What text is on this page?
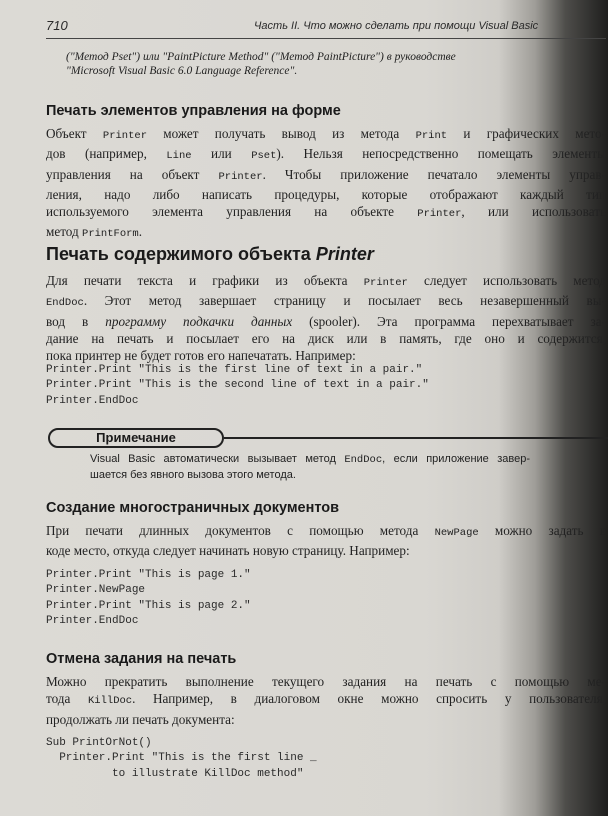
710	Часть II. Что можно сделать при помощи Visual Basic
("Метод Pset") или "PaintPicture Method" ("Метод PaintPicture") в руководстве
"Microsoft Visual Basic 6.0 Language Reference".
Печать элементов управления на форме
Объект Printer может получать вывод из метода Print и графических мето-
дов (например, Line или Pset). Нельзя непосредственно помещать элементы
управления на объект Printer. Чтобы приложение печатало элементы управ-
ления, надо либо написать процедуры, которые отображают каждый тип
используемого элемента управления на объекте Printer, или использовать
метод PrintForm.
Печать содержимого объекта Printer
Для печати текста и графики из объекта Printer следует использовать метод
EndDoc. Этот метод завершает страницу и посылает весь незавершенный вы-
вод в программу подкачки данных (spooler). Эта программа перехватывает за-
дание на печать и посылает его на диск или в память, где оно и содержится,
пока принтер не будет готов его напечатать. Например:
Printer.Print "This is the first line of text in a pair."
Printer.Print "This is the second line of text in a pair."
Printer.EndDoc
Примечание
Visual Basic автоматически вызывает метод EndDoc, если приложение завер-
шается без явного вызова этого метода.
Создание многостраничных документов
При печати длинных документов с помощью метода NewPage можно задать в
коде место, откуда следует начинать новую страницу. Например:
Printer.Print "This is page 1."
Printer.NewPage
Printer.Print "This is page 2."
Printer.EndDoc
Отмена задания на печать
Можно прекратить выполнение текущего задания на печать с помощью ме-
тода KillDoc. Например, в диалоговом окне можно спросить у пользователя,
продолжать ли печать документа:
Sub PrintOrNot()
Printer.Print "This is the first line _
to illustrate KillDoc method"
